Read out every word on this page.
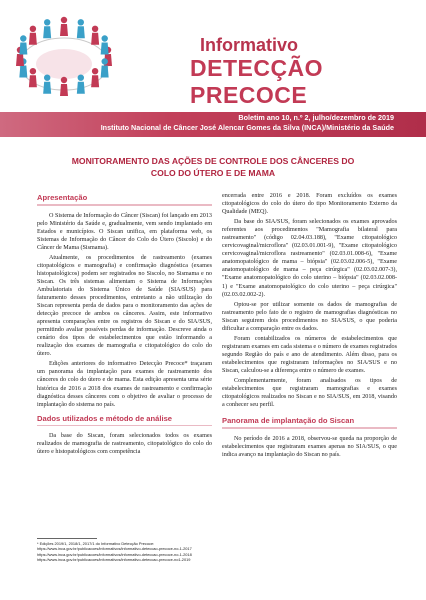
Informativo
DETECÇÃO PRECOCE
Boletim ano 10, n.º 2, julho/dezembro de 2019
Instituto Nacional de Câncer José Alencar Gomes da Silva (INCA)/Ministério da Saúde
MONITORAMENTO DAS AÇÕES DE CONTROLE DOS CÂNCERES DO
COLO DO ÚTERO E DE MAMA
Apresentação

O Sistema de Informação do Câncer (Siscan) foi lançado em 2013 pelo Ministério da Saúde e, gradualmente, vem sendo implantado em Estados e municípios. O Siscan unifica, em plataforma web, os Sistemas de Informação do Câncer do Colo do Útero (Siscolo) e do Câncer de Mama (Sismama).

Atualmente, os procedimentos de rastreamento (exames citopatológicos e mamografia) e confirmação diagnóstica (exames histopatológicos) podem ser registrados no Siscolo, no Sismama e no Siscan. Os três sistemas alimentam o Sistema de Informações Ambulatoriais do Sistema Único de Saúde (SIA/SUS) para faturamento desses procedimentos, entretanto a não utilização do Siscan representa perda de dados para o monitoramento das ações de detecção precoce de ambos os cânceres. Assim, este informativo apresenta comparações entre os registros do Siscan e do SIA/SUS, permitindo avaliar possíveis perdas de informação. Descreve ainda o cenário dos tipos de estabelecimentos que estão informando a realização dos exames de mamografia e citopatológico do colo do útero.

Edições anteriores do informativo Detecção Precoce* traçaram um panorama da implantação para exames de rastreamento dos cânceres do colo do útero e de mama. Esta edição apresenta uma série histórica de 2016 a 2018 dos exames de rastreamento e confirmação diagnóstica desses cânceres com o objetivo de avaliar o processo de implantação do sistema no país.

Dados utilizados e método de análise

Da base do Siscan, foram selecionados todos os exames realizados de mamografia de rastreamento, citopatológico do colo do útero e histopatológicos com competência

encerrada entre 2016 e 2018. Foram excluídos os exames citopatológicos do colo do útero do tipo Monitoramento Externo da Qualidade (MEQ).

Da base do SIA/SUS, foram selecionados os exames aprovados referentes aos procedimentos "Mamografia bilateral para rastreamento" (código 02.04.03.188), "Exame citopatológico cervicovaginal/microflora" (02.03.01.001-9), "Exame citopatológico cervicovaginal/microflora rastreamento" (02.03.01.008-6), "Exame anatomopatológico de mama – biópsia" (02.03.02.006-5), "Exame anatomopatológico de mama – peça cirúrgica" (02.03.02.007-3), "Exame anatomopatológico do colo uterino – biópsia" (02.03.02.008-1) e "Exame anatomopatológico do colo uterino – peça cirúrgica" (02.03.02.002-2).

Optou-se por utilizar somente os dados de mamografias de rastreamento pelo fato de o registro de mamografias diagnósticas no Siscan seguirem dois procedimentos no SIA/SUS, o que poderia dificultar a comparação entre os dados.

Foram contabilizados os números de estabelecimentos que registraram exames em cada sistema e o número de exames registrados segundo Região do país e ano de atendimento. Além disso, para os estabelecimentos que registraram informações no SIA/SUS e no Siscan, calculou-se a diferença entre o número de exames.

Complementarmente, foram analisados os tipos de estabelecimentos que registraram mamografias e exames citopatológicos realizados no Siscan e no SIA/SUS, em 2018, visando a conhecer seu perfil.

Panorama de implantação do Siscan

No período de 2016 a 2018, observou-se queda na proporção de estabelecimentos que registraram exames apenas no SIA/SUS, o que indica avanço na implantação do Siscan no país.

* Edições 2019/1, 2018/1, 2017/1 do Informativo Detecção Precoce:
https://www.inca.gov.br/publicacoes/informativos/informativo-deteccao-precoce-no-1-2017
https://www.inca.gov.br/publicacoes/informativos/informativo-deteccao-precoce-no-1-2018
https://www.inca.gov.br/publicacoes/informativos/informativo-deteccao-precoce-no1-2019
